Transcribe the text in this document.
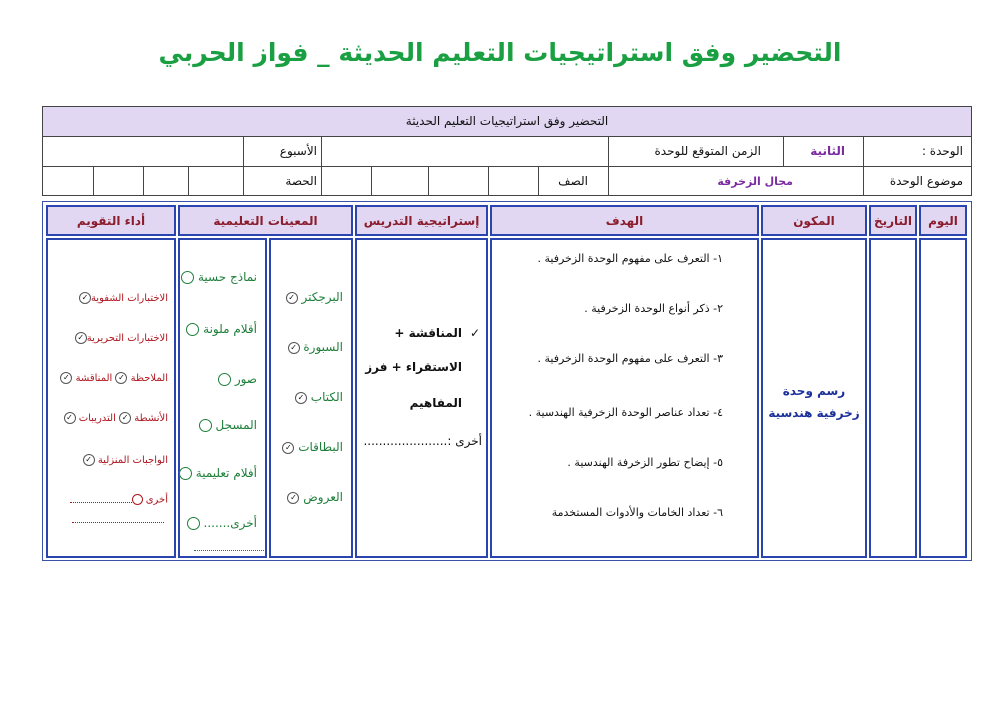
التحضير وفق استراتيجيات التعليم الحديثة _ فواز الحربي
التحضير وفق استراتيجيات التعليم الحديثة
الوحدة :
الثانية
الزمن المتوقع للوحدة
الأسبوع
موضوع الوحدة
مجال الزخرفة
الصف
الحصة
اليوم
التاريخ
المكون
الهدف
إستراتيجية التدريس
المعينات التعليمية
أداء التقويم
رسم وحدة
زخرفية هندسية
١- التعرف على مفهوم الوحدة الزخرفية .
٢- ذكر أنواع الوحدة الزخرفية .
٣- التعرف على مفهوم الوحدة الزخرفية .
٤- تعداد عناصر الوحدة الزخرفية الهندسية .
٥- إيضاح تطور الزخرفة الهندسية .
٦- تعداد الخامات والأدوات المستخدمة
✓
المناقشة +
الاستقراء + فرز
المفاهيم
أخرى :......................
البرجكتر ✓
السبورة ✓
الكتاب ✓
البطاقات ✓
العروض ✓
نماذج حسية
أقلام ملونة
صور
المسجل
أفلام تعليمية
أخرى.......
الاختبارات الشفوية✓
الاختبارات التحريرية✓
الملاحظة ✓ المناقشة ✓
الأنشطة ✓ التدريبات ✓
الواجبات المنزلية ✓
أخرى
